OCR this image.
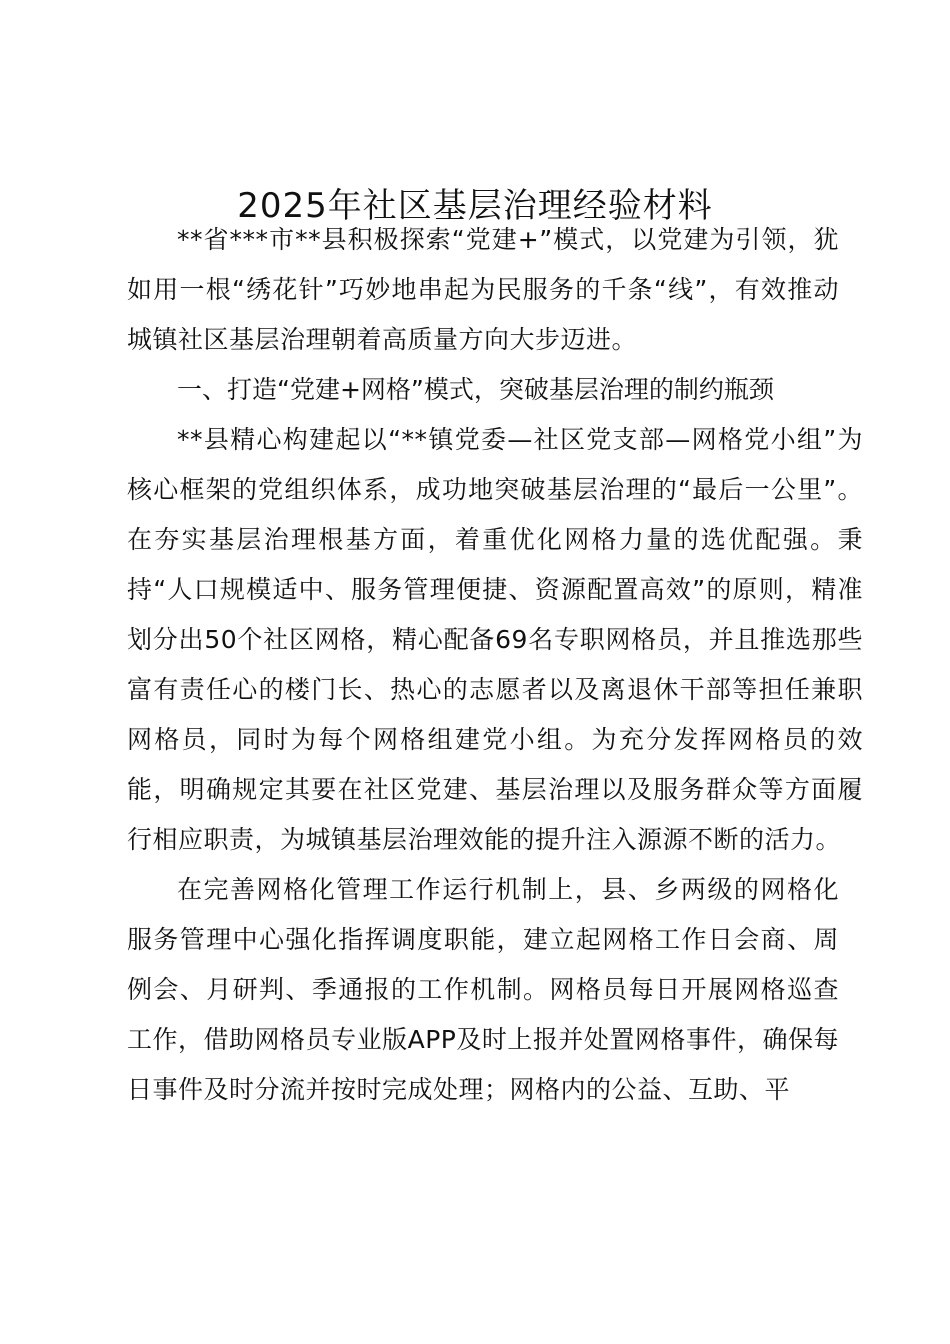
2025年社区基层治理经验材料

**省***市**县积极探索“党建+”模式，以党建为引领，犹如用一根“绣花针”巧妙地串起为民服务的千条“线”，有效推动城镇社区基层治理朝着高质量方向大步迈进。

一、打造“党建+网格”模式，突破基层治理的制约瓶颈

**县精心构建起以“**镇党委—社区党支部—网格党小组”为核心框架的党组织体系，成功地突破基层治理的“最后一公里”。在夯实基层治理根基方面，着重优化网格力量的选优配强。秉持“人口规模适中、服务管理便捷、资源配置高效”的原则，精准划分出50个社区网格，精心配备69名专职网格员，并且推选那些富有责任心的楼门长、热心的志愿者以及离退休干部等担任兼职网格员，同时为每个网格组建党小组。为充分发挥网格员的效能，明确规定其要在社区党建、基层治理以及服务群众等方面履行相应职责，为城镇基层治理效能的提升注入源源不断的活力。

在完善网格化管理工作运行机制上，县、乡两级的网格化服务管理中心强化指挥调度职能，建立起网格工作日会商、周例会、月研判、季通报的工作机制。网格员每日开展网格巡查工作，借助网格员专业版APP及时上报并处置网格事件，确保每日事件及时分流并按时完成处理；网格内的公益、互助、平
